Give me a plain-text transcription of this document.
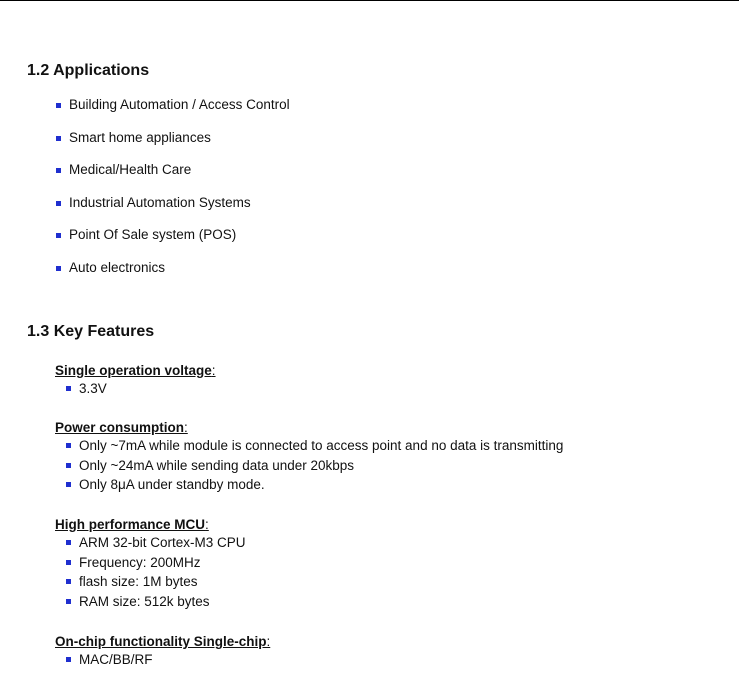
1.2 Applications
Building Automation / Access Control
Smart home appliances
Medical/Health Care
Industrial Automation Systems
Point Of Sale system (POS)
Auto electronics
1.3 Key Features

Single operation voltage:

3.3V

Power consumption:

Only ~7mA while module is connected to access point and no data is transmitting
Only ~24mA while sending data under 20kbps
Only 8μA under standby mode.

High performance MCU:

ARM 32-bit Cortex-M3 CPU
Frequency: 200MHz
flash size: 1M bytes
RAM size: 512k bytes

On-chip functionality Single-chip:

MAC/BB/RF
